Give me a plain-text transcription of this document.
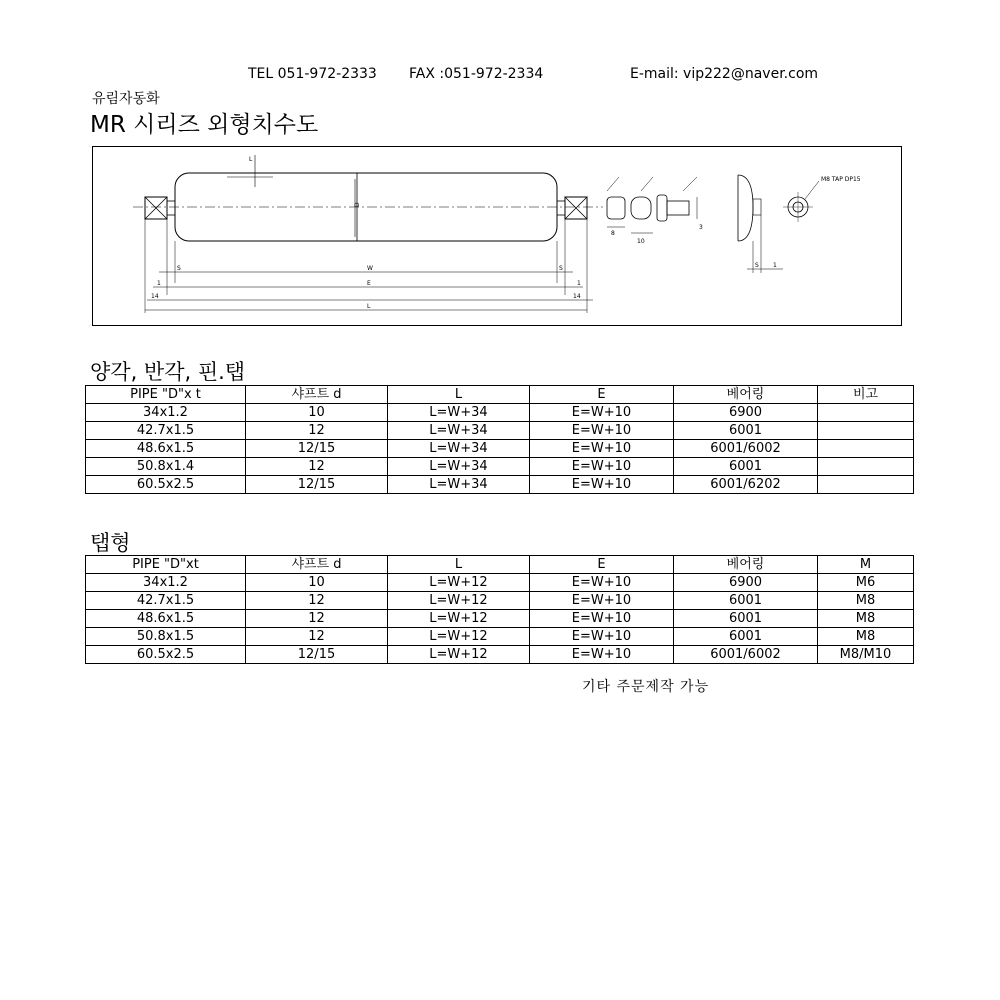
TEL 051-972-2333 FAX :051-972-2334	E-mail: vip222@naver.com
유림자동화
MR 시리즈 외형치수도
L
D
S	W	S
1	E	1
14	14
L
8
10
3
S 1
M8 TAP DP15
양각, 반각, 핀.탭
PIPE "D"x t	샤프트 d	L	E	베어링	비고
34x1.2	10	L=W+34	E=W+10	6900	
42.7x1.5	12	L=W+34	E=W+10	6001	
48.6x1.5	12/15	L=W+34	E=W+10	6001/6002	
50.8x1.4	12	L=W+34	E=W+10	6001	
60.5x2.5	12/15	L=W+34	E=W+10	6001/6202	
탭형
PIPE "D"xt	샤프트 d	L	E	베어링	M
34x1.2	10	L=W+12	E=W+10	6900	M6
42.7x1.5	12	L=W+12	E=W+10	6001	M8
48.6x1.5	12	L=W+12	E=W+10	6001	M8
50.8x1.5	12	L=W+12	E=W+10	6001	M8
60.5x2.5	12/15	L=W+12	E=W+10	6001/6002	M8/M10
기타 주문제작 가능
